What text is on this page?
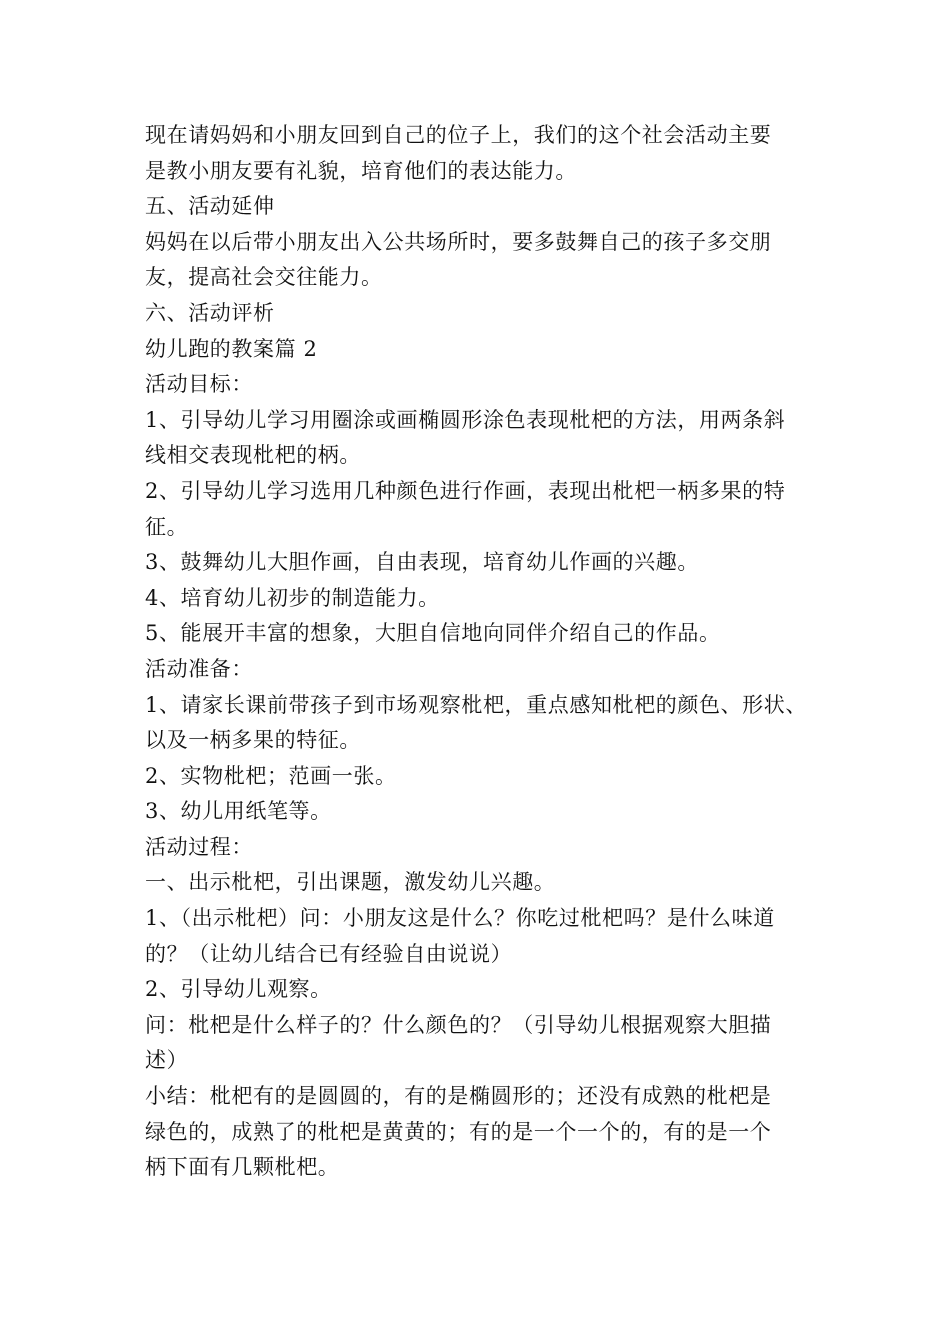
现在请妈妈和小朋友回到自己的位子上，我们的这个社会活动主要
是教小朋友要有礼貌，培育他们的表达能力。
五、活动延伸
妈妈在以后带小朋友出入公共场所时，要多鼓舞自己的孩子多交朋
友，提高社会交往能力。
六、活动评析
幼儿跑的教案篇 2
活动目标：
1、引导幼儿学习用圈涂或画椭圆形涂色表现枇杷的方法，用两条斜
线相交表现枇杷的柄。
2、引导幼儿学习选用几种颜色进行作画，表现出枇杷一柄多果的特
征。
3、鼓舞幼儿大胆作画，自由表现，培育幼儿作画的兴趣。
4、培育幼儿初步的制造能力。
5、能展开丰富的想象，大胆自信地向同伴介绍自己的作品。
活动准备：
1、请家长课前带孩子到市场观察枇杷，重点感知枇杷的颜色、形状、
以及一柄多果的特征。
2、实物枇杷；范画一张。
3、幼儿用纸笔等。
活动过程：
一、出示枇杷，引出课题，激发幼儿兴趣。
1、（出示枇杷）问：小朋友这是什么？你吃过枇杷吗？是什么味道
的？（让幼儿结合已有经验自由说说）
2、引导幼儿观察。
问：枇杷是什么样子的？什么颜色的？（引导幼儿根据观察大胆描
述）
小结：枇杷有的是圆圆的，有的是椭圆形的；还没有成熟的枇杷是
绿色的，成熟了的枇杷是黄黄的；有的是一个一个的，有的是一个
柄下面有几颗枇杷。
